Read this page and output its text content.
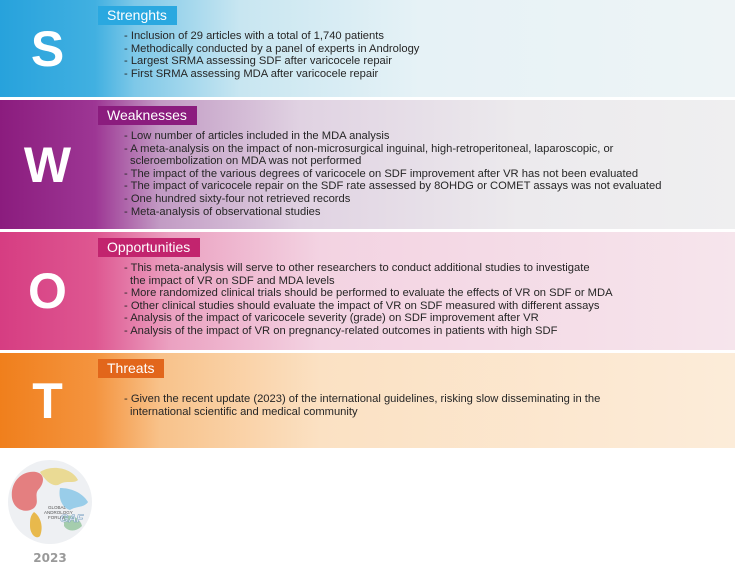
S
Strenghts
- Inclusion of 29 articles with a total of 1,740 patients
- Methodically conducted by a panel of experts in Andrology
- Largest SRMA assessing SDF after varicocele repair
- First SRMA assessing MDA after varicocele repair
W
Weaknesses
- Low number of articles included in the MDA analysis
- A meta-analysis on the impact of non-microsurgical inguinal, high-retroperitoneal, laparoscopic, or
scleroembolization on MDA was not performed
- The impact of the various degrees of varicocele on SDF improvement after VR has not been evaluated
- The impact of varicocele repair on the SDF rate assessed by 8OHDG or COMET assays was not evaluated
- One hundred sixty-four not retrieved records
- Meta-analysis of observational studies
O
Opportunities
- This meta-analysis will serve to other researchers to conduct additional studies to investigate
the impact of VR on SDF and MDA levels
- More randomized clinical trials should be performed to evaluate the effects of VR on SDF or MDA
- Other clinical studies should evaluate the impact of VR on SDF measured with different assays
- Analysis of the impact of varicocele severity (grade) on SDF improvement after VR
- Analysis of the impact of VR on pregnancy-related outcomes in patients with high SDF
T
Threats
- Given the recent update (2023) of the international guidelines, risking slow disseminating in the
international scientific and medical community
GLOBAL
ANDROLOGY
FORUM
GAF
2023
